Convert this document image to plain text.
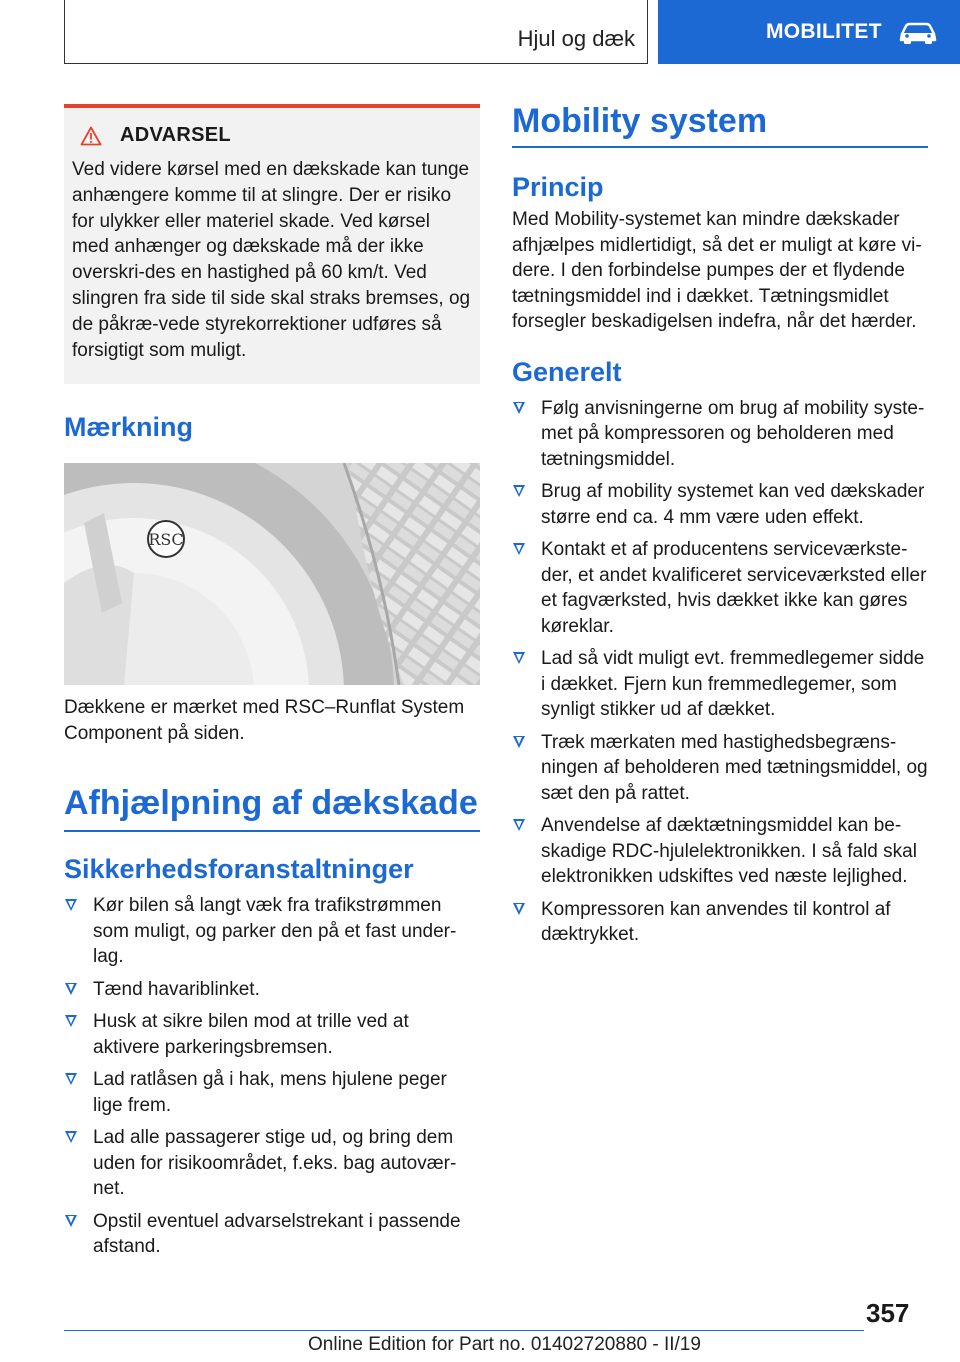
Hjul og dæk	MOBILITET
ADVARSEL

Ved videre kørsel med en dækskade kan tunge anhængere komme til at slingre. Der er risiko for ulykker eller materiel skade. Ved kørsel med anhænger og dækskade må der ikke overskri‐des en hastighed på 60 km/t. Ved slingren fra side til side skal straks bremses, og de påkræ‐vede styrekorrektioner udføres så forsigtigt som muligt.

Mærkning
RSC

Dækkene er mærket med RSC–Runflat System Component på siden.

Afhjælpning af dækskade
Sikkerhedsforanstaltninger
Kør bilen så langt væk fra trafikstrømmen som muligt, og parker den på et fast under‐lag.
Tænd havariblinket.
Husk at sikre bilen mod at trille ved at aktivere parkeringsbremsen.
Lad ratlåsen gå i hak, mens hjulene peger lige frem.
Lad alle passagerer stige ud, og bring dem uden for risikoområdet, f.eks. bag autovær‐net.
Opstil eventuel advarselstrekant i passende afstand.
Mobility system
Princip

Med Mobility-systemet kan mindre dækskader afhjælpes midlertidigt, så det er muligt at køre vi‐dere. I den forbindelse pumpes der et flydende tætningsmiddel ind i dækket. Tætningsmidlet forsegler beskadigelsen indefra, når det hærder.

Generelt
Følg anvisningerne om brug af mobility syste‐met på kompressoren og beholderen med tætningsmiddel.
Brug af mobility systemet kan ved dækskader større end ca. 4 mm være uden effekt.
Kontakt et af producentens serviceværkste‐der, et andet kvalificeret serviceværksted eller et fagværksted, hvis dækket ikke kan gøres køreklar.
Lad så vidt muligt evt. fremmedlegemer sidde i dækket. Fjern kun fremmedlegemer, som synligt stikker ud af dækket.
Træk mærkaten med hastighedsbegræns‐ningen af beholderen med tætningsmiddel, og sæt den på rattet.
Anvendelse af dæktætningsmiddel kan be‐skadige RDC-hjulelektronikken. I så fald skal elektronikken udskiftes ved næste lejlighed.
Kompressoren kan anvendes til kontrol af dæktrykket.
357
Online Edition for Part no. 01402720880 - II/19
